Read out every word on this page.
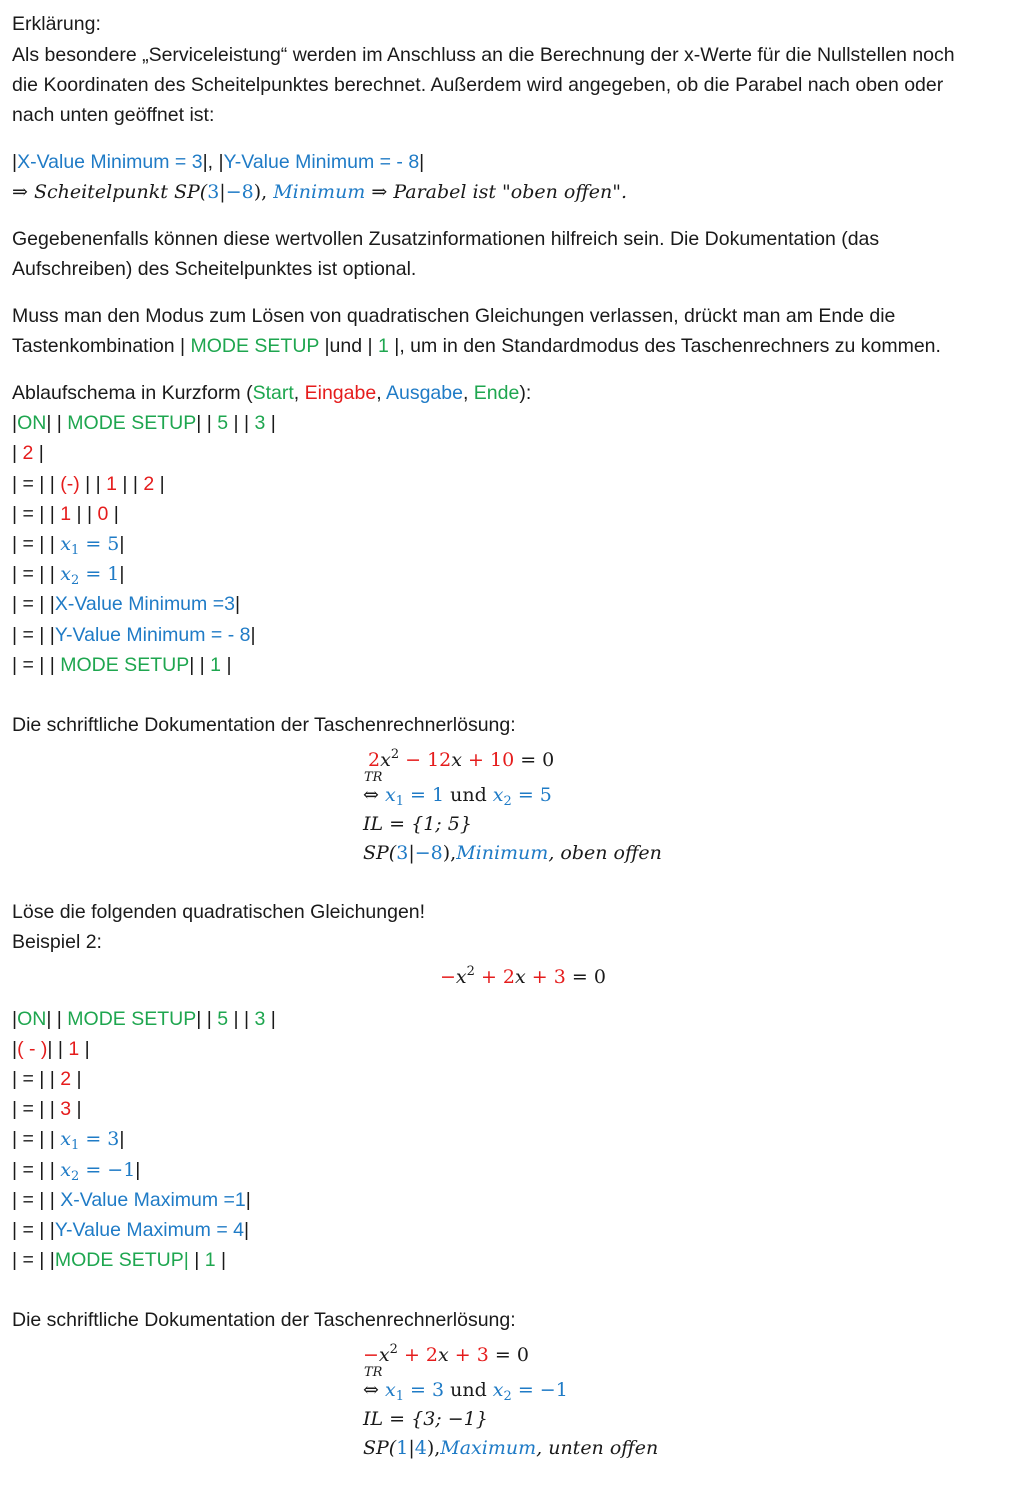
Erklärung:
Als besondere „Serviceleistung“ werden im Anschluss an die Berechnung der x-Werte für die Nullstellen noch
die Koordinaten des Scheitelpunktes berechnet. Außerdem wird angegeben, ob die Parabel nach oben oder
nach unten geöffnet ist:
|X-Value Minimum = 3|, |Y-Value Minimum = - 8|
⇒ Scheitelpunkt SP(3|−8), Minimum ⇒ Parabel ist "oben offen".
Gegebenenfalls können diese wertvollen Zusatzinformationen hilfreich sein. Die Dokumentation (das
Aufschreiben) des Scheitelpunktes ist optional.
Muss man den Modus zum Lösen von quadratischen Gleichungen verlassen, drückt man am Ende die
Tastenkombination | MODE SETUP |und | 1 |, um in den Standardmodus des Taschenrechners zu kommen.
Ablaufschema in Kurzform (Start, Eingabe, Ausgabe, Ende):
|ON| | MODE SETUP| | 5 | | 3 |
| 2 |
| = | | (-) | | 1 | | 2 |
| = | | 1 | | 0 |
| = | | $x_1 = 5|$
| = | | $x_2 = 1|$
| = | |X-Value Minimum =3|
| = | |Y-Value Minimum = - 8|
| = | | MODE SETUP| | 1 |
Die schriftliche Dokumentation der Taschenrechnerlösung:
$2x^2 - 12x + 10 = 0$
TR
⇔ $x_1 = 1$ und $x_2 = 5$
IL = {1; 5}
SP(3|−8),Minimum, oben offen
Löse die folgenden quadratischen Gleichungen!
Beispiel 2:
$-x^2 + 2x + 3 = 0$
|ON| | MODE SETUP| | 5 | | 3 |
|( - )| | 1 |
| = | | 2 |
| = | | 3 |
| = | | $x_1 = 3|$
| = | | $x_2 = -1|$
| = | | X-Value Maximum =1|
| = | |Y-Value Maximum = 4|
| = | |MODE SETUP| | 1 |
Die schriftliche Dokumentation der Taschenrechnerlösung:
$-x^2 + 2x + 3 = 0$
TR
⇔ $x_1 = 3$ und $x_2 = -1$
IL = {3; −1}
SP(1|4),Maximum, unten offen
